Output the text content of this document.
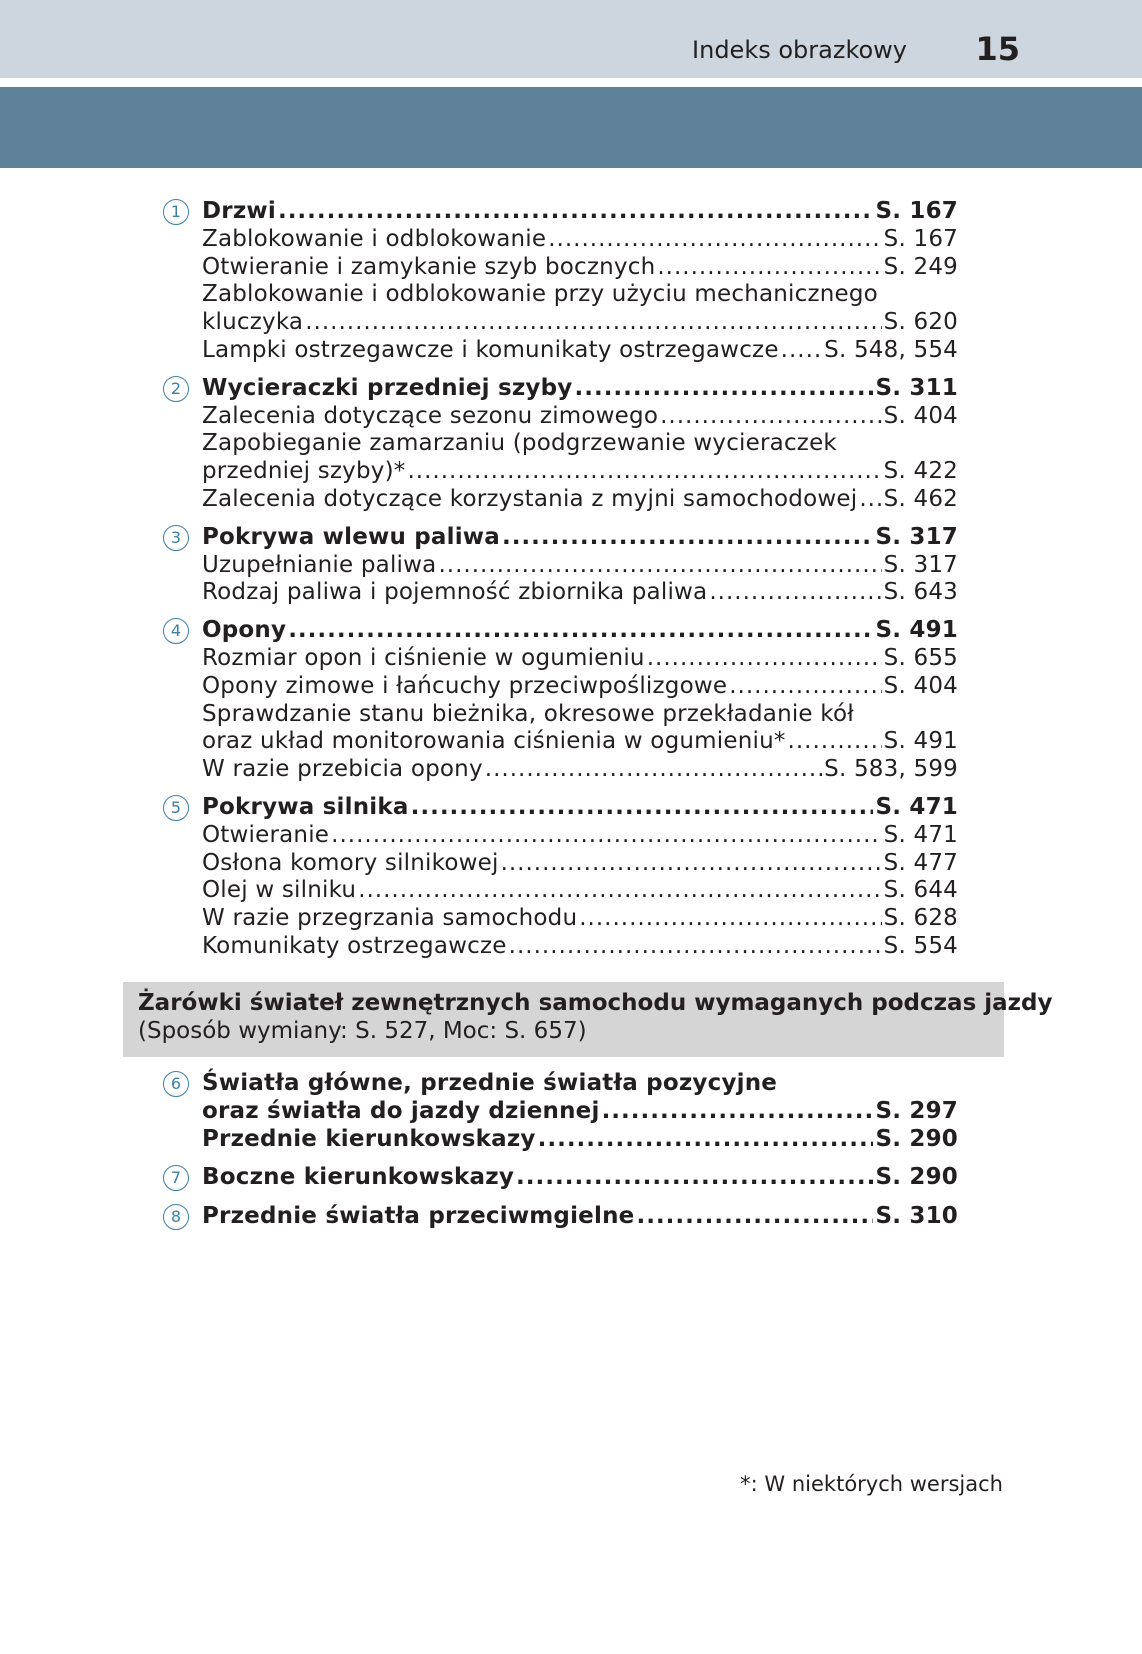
Indeks obrazkowy 15
1 Drzwi .....	S. 167
Zablokowanie i odblokowanie .....	S. 167
Otwieranie i zamykanie szyb bocznych .....	S. 249
Zablokowanie i odblokowanie przy użyciu mechanicznego
kluczyka .....	S. 620
Lampki ostrzegawcze i komunikaty ostrzegawcze ..... S. 548, 554
2 Wycieraczki przedniej szyby .....	S. 311
Zalecenia dotyczące sezonu zimowego .....	S. 404
Zapobieganie zamarzaniu (podgrzewanie wycieraczek
przedniej szyby)* .....	S. 422
Zalecenia dotyczące korzystania z myjni samochodowej ..... S. 462
3 Pokrywa wlewu paliwa .....	S. 317
Uzupełnianie paliwa .....	S. 317
Rodzaj paliwa i pojemność zbiornika paliwa .....	S. 643
4 Opony .....	S. 491
Rozmiar opon i ciśnienie w ogumieniu .....	S. 655
Opony zimowe i łańcuchy przeciwpoślizgowe .....	S. 404
Sprawdzanie stanu bieżnika, okresowe przekładanie kół
oraz układ monitorowania ciśnienia w ogumieniu* .....	S. 491
W razie przebicia opony .....	S. 583, 599
5 Pokrywa silnika .....	S. 471
Otwieranie .....	S. 471
Osłona komory silnikowej .....	S. 477
Olej w silniku .....	S. 644
W razie przegrzania samochodu .....	S. 628
Komunikaty ostrzegawcze .....	S. 554
Żarówki świateł zewnętrznych samochodu wymaganych podczas jazdy
(Sposób wymiany: S. 527, Moc: S. 657)
6 Światła główne, przednie światła pozycyjne
oraz światła do jazdy dziennej .....	S. 297
Przednie kierunkowskazy .....	S. 290
7 Boczne kierunkowskazy .....	S. 290
8 Przednie światła przeciwmgielne .....	S. 310
*: W niektórych wersjach
